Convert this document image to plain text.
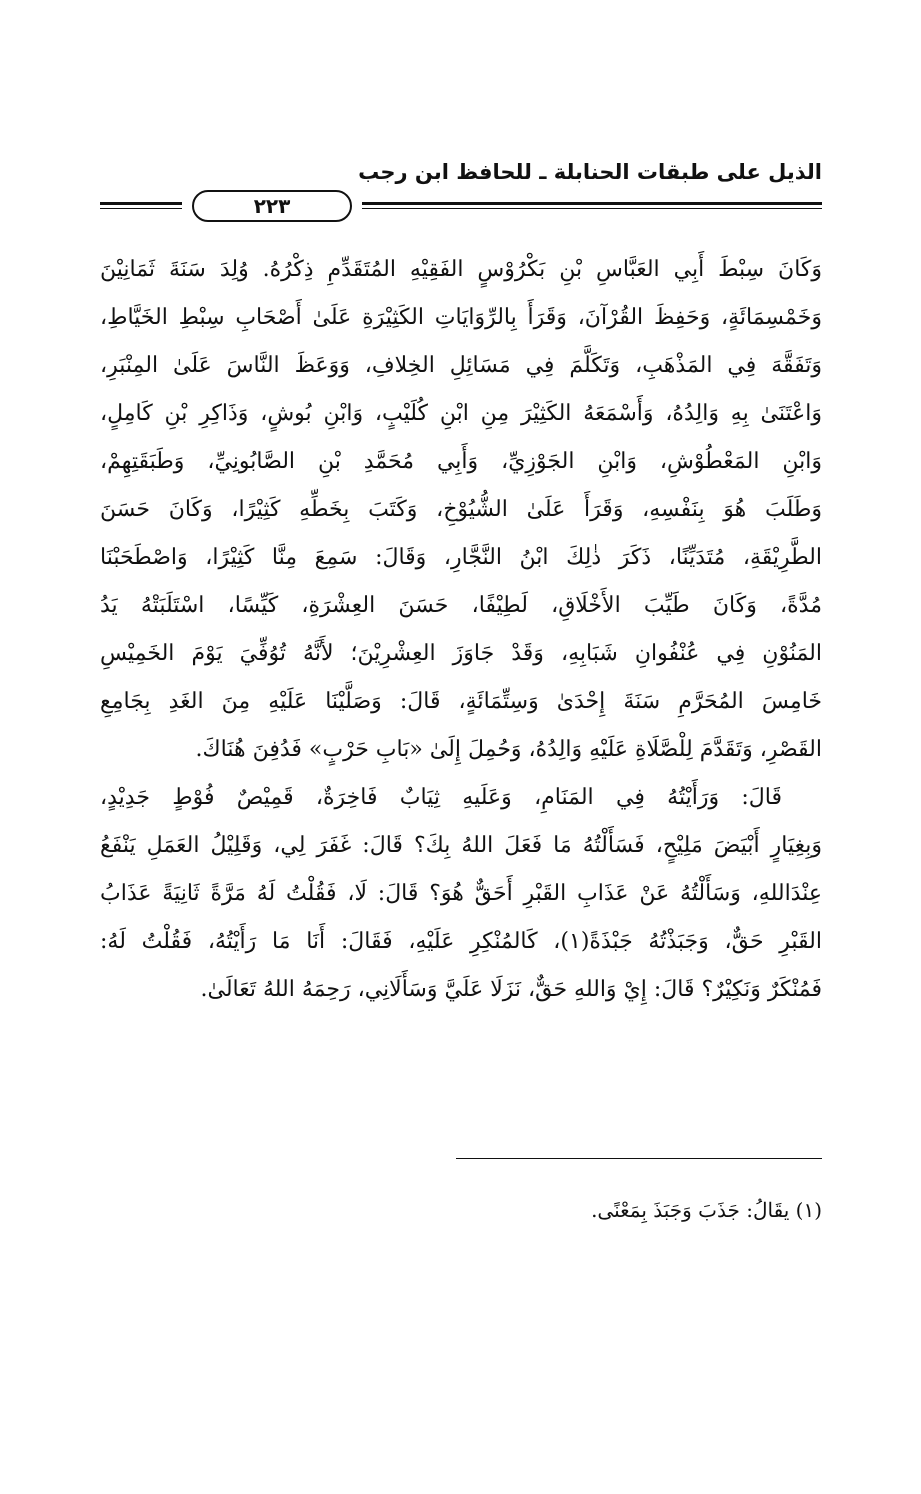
الذيل على طبقات الحنابلة ـ للحافظ ابن رجب
٢٢٣
وَكَانَ سِبْطَ أَبِي العَبَّاسِ بْنِ بَكْرُوْسٍ الفَقِيْهِ المُتَقَدِّمِ ذِكْرُهُ. وُلِدَ سَنَةَ ثَمَانِيْنَ
وَخَمْسِمَائَةٍ، وَحَفِظَ القُرْآنَ، وَقَرَأَ بِالرِّوَايَاتِ الكَثِيْرَةِ عَلَىٰ أَصْحَابِ سِبْطِ الخَيَّاطِ،
وَتَفَقَّهَ فِي المَذْهَبِ، وَتَكَلَّمَ فِي مَسَائِلِ الخِلافِ، وَوَعَظَ النَّاسَ عَلَىٰ المِنْبَرِ،
وَاعْتَنَىٰ بِهِ وَالِدُهُ، وَأَسْمَعَهُ الكَثِيْرَ مِنِ ابْنِ كُلَيْبٍ، وَابْنِ بُوشٍ، وَذَاكِرِ بْنِ كَامِلٍ،
وَابْنِ المَعْطُوْشِ، وَابْنِ الجَوْزِيِّ، وَأَبِي مُحَمَّدِ بْنِ الصَّابُونِيِّ، وَطَبَقَتِهِمْ،
وَطَلَبَ هُوَ بِنَفْسِهِ، وَقَرَأَ عَلَىٰ الشُّيُوْخِ، وَكَتَبَ بِخَطِّهِ كَثِيْرًا، وَكَانَ حَسَنَ
الطَّرِيْقَةِ، مُتَدَيِّنًا، ذَكَرَ ذٰلِكَ ابْنُ النَّجَّارِ، وَقَالَ: سَمِعَ مِنَّا كَثِيْرًا، وَاصْطَحَبْنَا
مُدَّةً، وَكَانَ طَيِّبَ الأَخْلَاقِ، لَطِيْفًا، حَسَنَ العِشْرَةِ، كَيِّسًا، اسْتَلَبَتْهُ يَدُ
المَنُوْنِ فِي عُنْفُوانِ شَبَابِهِ، وَقَدْ جَاوَزَ العِشْرِيْنَ؛ لأَنَّهُ تُوُفِّيَ يَوْمَ الخَمِيْسِ
خَامِسَ المُحَرَّمِ سَنَةَ إِحْدَىٰ وَسِتِّمَائَةٍ، قَالَ: وَصَلَّيْنَا عَلَيْهِ مِنَ الغَدِ بِجَامِعِ
القَصْرِ، وَتَقَدَّمَ لِلْصَّلَاةِ عَلَيْهِ وَالِدُهُ، وَحُمِلَ إِلَىٰ «بَابِ حَرْبٍ» فَدُفِنَ هُنَاكَ.
قَالَ: وَرَأَيْتُهُ فِي المَنَامِ، وَعَلَيهِ ثِيَابٌ فَاخِرَةٌ، قَمِيْصٌ فُوْطٍ جَدِيْدٍ،
وَبِغِيَارٍ أَبْيَضَ مَلِيْحٍ، فَسَأَلْتُهُ مَا فَعَلَ اللهُ بِكَ؟ قَالَ: غَفَرَ لِي، وَقَلِيْلُ العَمَلِ يَنْفَعُ
عِنْدَاللهِ، وَسَأَلْتُهُ عَنْ عَذَابِ القَبْرِ أَحَقٌّ هُوَ؟ قَالَ: لَا، فَقُلْتُ لَهُ مَرَّةً ثَانِيَةً عَذَابُ
القَبْرِ حَقٌّ، وَجَبَذْتُهُ جَبْذَةً(١)، كَالمُنْكِرِ عَلَيْهِ، فَقَالَ: أَنَا مَا رَأَيْتُهُ، فَقُلْتُ لَهُ:
فَمُنْكَرٌ وَنَكِيْرٌ؟ قَالَ: إِيْ وَاللهِ حَقٌّ، نَزَلَا عَلَيَّ وَسَأَلَانِي، رَحِمَهُ اللهُ تَعَالَىٰ.
(١) يقَالُ: جَذَبَ وَجَبَذَ بِمَعْنًى.
